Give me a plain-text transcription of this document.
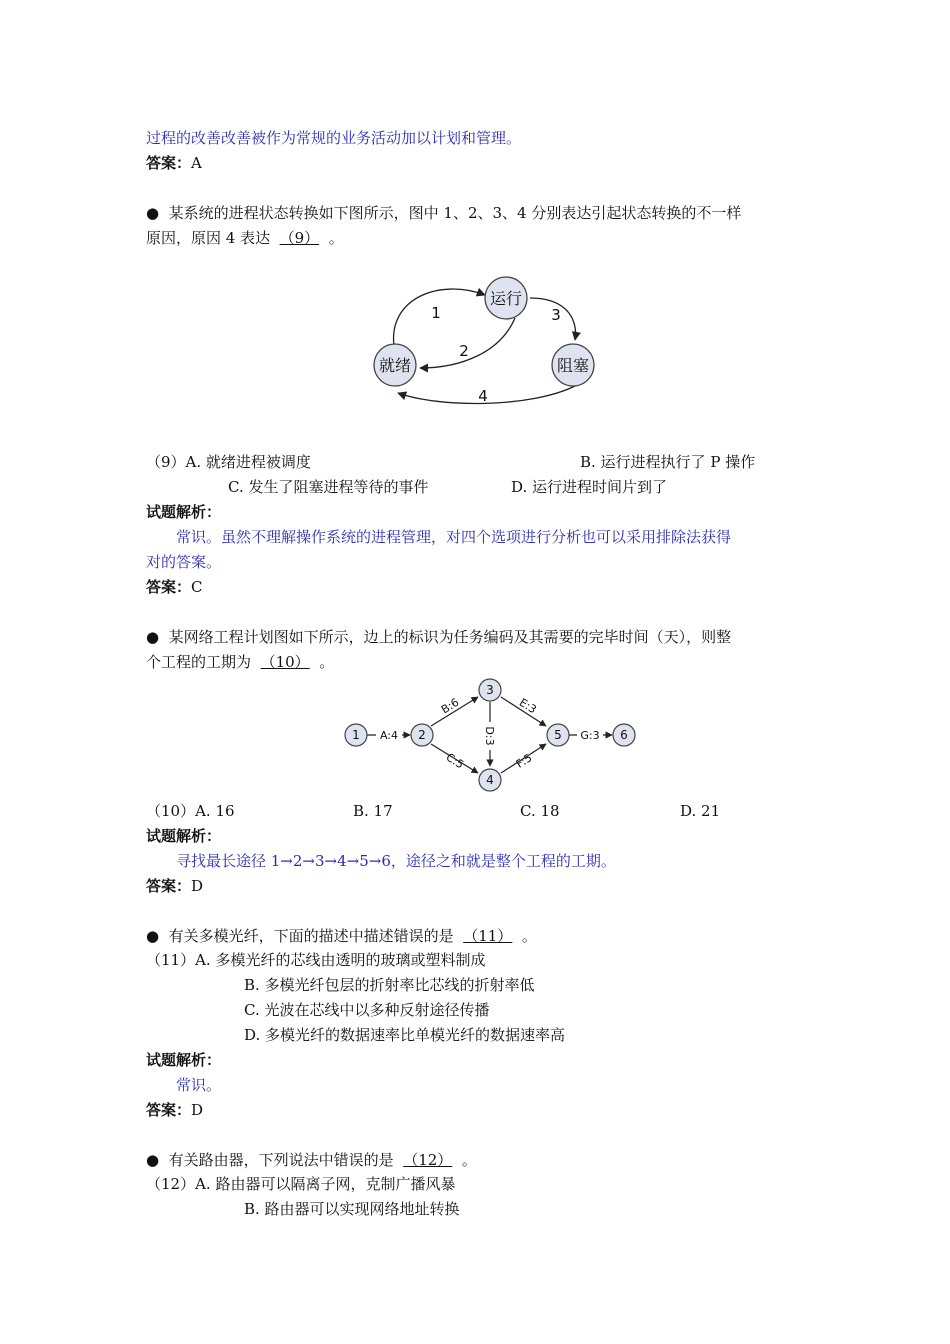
过程的改善改善被作为常规的业务活动加以计划和管理。
答案：A
● 某系统的进程状态转换如下图所示，图中 1、2、3、4 分别表达引起状态转换的不一样
原因，原因 4 表达 （9） 。
运行
就绪	阻塞
1
2
3
4
（9）A. 就绪进程被调度	B. 运行进程执行了 P 操作
C. 发生了阻塞进程等待的事件	D. 运行进程时间片到了
试题解析：
常识。虽然不理解操作系统的进程管理，对四个选项进行分析也可以采用排除法获得
对的答案。
答案：C
● 某网络工程计划图如下所示，边上的标识为任务编码及其需要的完毕时间（天），则整
个工程的工期为 （10） 。
A:4	G:3
B:6
C:5
D:3
E:3
F:5
1	2
3
4
5	6
（10）A. 16	B. 17	C. 18	D. 21
试题解析：
寻找最长途径 1→2→3→4→5→6，途径之和就是整个工程的工期。
答案：D
● 有关多模光纤，下面的描述中描述错误的是 （11） 。
（11）A. 多模光纤的芯线由透明的玻璃或塑料制成
B. 多模光纤包层的折射率比芯线的折射率低
C. 光波在芯线中以多种反射途径传播
D. 多模光纤的数据速率比单模光纤的数据速率高
试题解析：
常识。
答案：D
● 有关路由器，下列说法中错误的是 （12） 。
（12）A. 路由器可以隔离子网，克制广播风暴
B. 路由器可以实现网络地址转换
